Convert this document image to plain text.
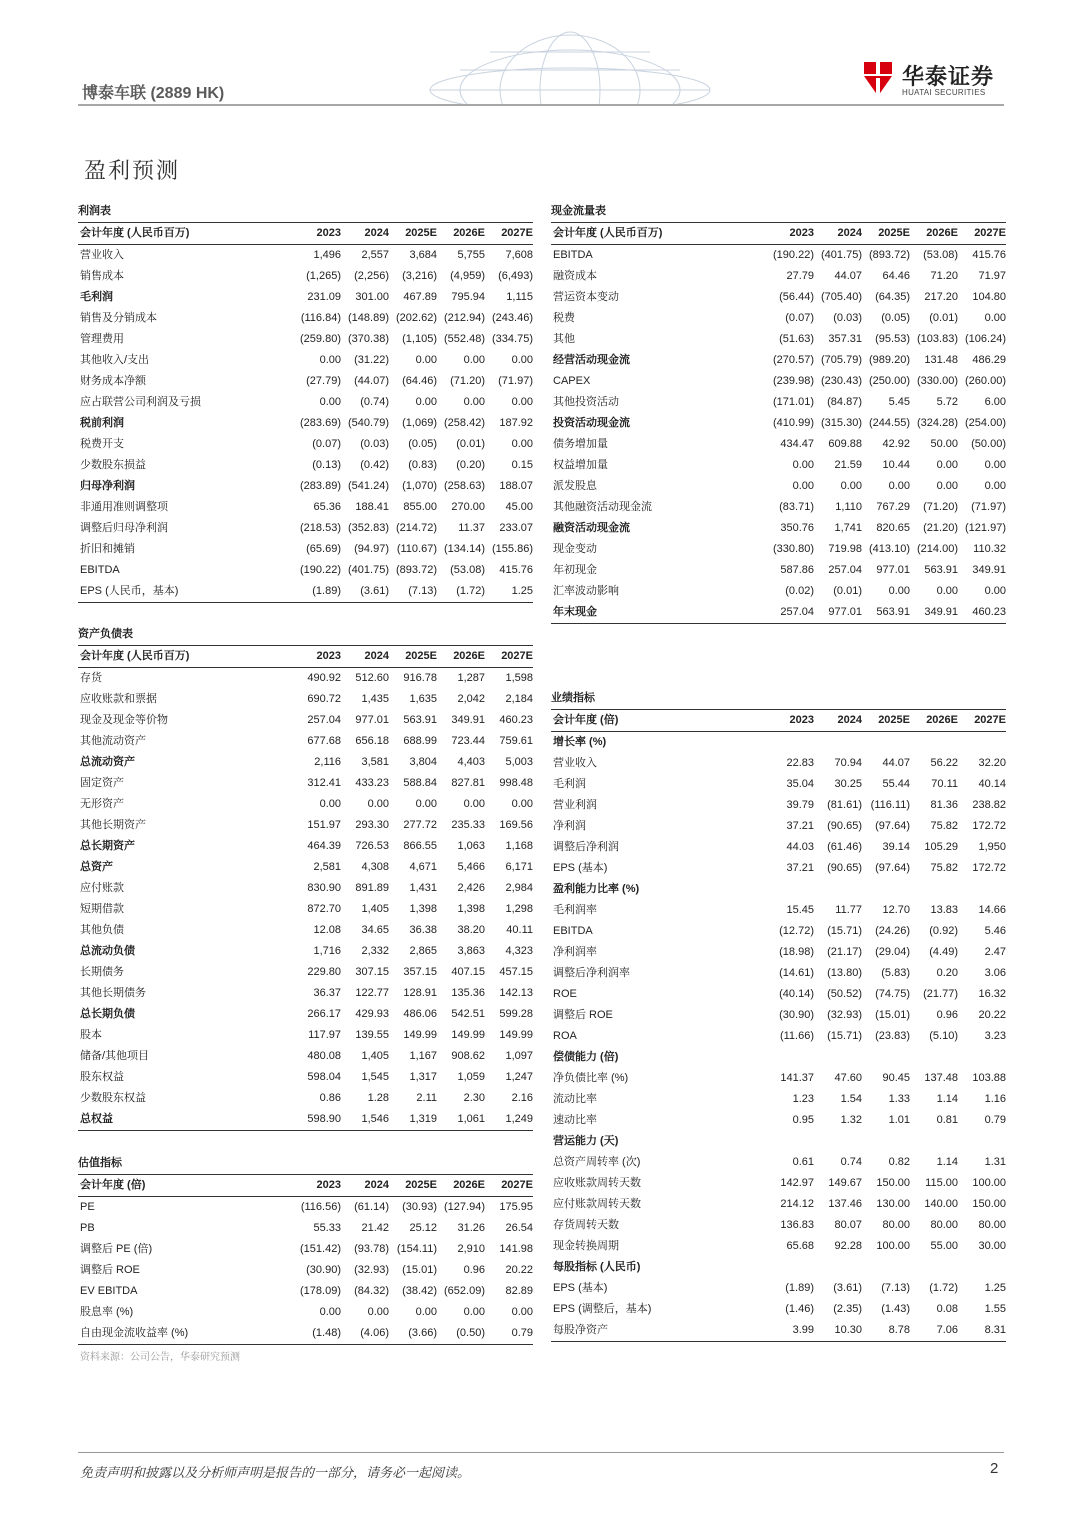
博泰车联 (2889 HK)
华泰证券
HUATAI SECURITIES
盈利预测
利润表
会计年度 (人民币百万)	2023	2024	2025E	2026E	2027E
营业收入	1,496	2,557	3,684	5,755	7,608
销售成本	(1,265)	(2,256)	(3,216)	(4,959)	(6,493)
毛利润	231.09	301.00	467.89	795.94	1,115
销售及分销成本	(116.84) (148.89) (202.62) (212.94) (243.46)
管理费用	(259.80) (370.38)	(1,105) (552.48) (334.75)
其他收入/支出	0.00	(31.22)	0.00	0.00	0.00
财务成本净额	(27.79)	(44.07)	(64.46)	(71.20)	(71.97)
应占联营公司利润及亏损	0.00	(0.74)	0.00	0.00	0.00
税前利润	(283.69) (540.79)	(1,069) (258.42)	187.92
税费开支	(0.07)	(0.03)	(0.05)	(0.01)	0.00
少数股东损益	(0.13)	(0.42)	(0.83)	(0.20)	0.15
归母净利润	(283.89) (541.24)	(1,070) (258.63)	188.07
非通用准则调整项	65.36	188.41	855.00	270.00	45.00
调整后归母净利润	(218.53) (352.83) (214.72)	11.37	233.07
折旧和摊销	(65.69)	(94.97) (110.67) (134.14) (155.86)
EBITDA	(190.22) (401.75) (893.72)	(53.08)	415.76
EPS (人民币，基本)	(1.89)	(3.61)	(7.13)	(1.72)	1.25
资产负债表
会计年度 (人民币百万)	2023	2024	2025E	2026E	2027E
存货	490.92	512.60	916.78	1,287	1,598
应收账款和票据	690.72	1,435	1,635	2,042	2,184
现金及现金等价物	257.04	977.01	563.91	349.91	460.23
其他流动资产	677.68	656.18	688.99	723.44	759.61
总流动资产	2,116	3,581	3,804	4,403	5,003
固定资产	312.41	433.23	588.84	827.81	998.48
无形资产	0.00	0.00	0.00	0.00	0.00
其他长期资产	151.97	293.30	277.72	235.33	169.56
总长期资产	464.39	726.53	866.55	1,063	1,168
总资产	2,581	4,308	4,671	5,466	6,171
应付账款	830.90	891.89	1,431	2,426	2,984
短期借款	872.70	1,405	1,398	1,398	1,298
其他负债	12.08	34.65	36.38	38.20	40.11
总流动负债	1,716	2,332	2,865	3,863	4,323
长期债务	229.80	307.15	357.15	407.15	457.15
其他长期债务	36.37	122.77	128.91	135.36	142.13
总长期负债	266.17	429.93	486.06	542.51	599.28
股本	117.97	139.55	149.99	149.99	149.99
储备/其他项目	480.08	1,405	1,167	908.62	1,097
股东权益	598.04	1,545	1,317	1,059	1,247
少数股东权益	0.86	1.28	2.11	2.30	2.16
总权益	598.90	1,546	1,319	1,061	1,249
估值指标
会计年度 (倍)	2023	2024	2025E	2026E	2027E
PE	(116.56)	(61.14)	(30.93) (127.94)	175.95
PB	55.33	21.42	25.12	31.26	26.54
调整后 PE (倍)	(151.42)	(93.78) (154.11)	2,910	141.98
调整后 ROE	(30.90)	(32.93)	(15.01)	0.96	20.22
EV EBITDA	(178.09)	(84.32)	(38.42) (652.09)	82.89
股息率 (%)	0.00	0.00	0.00	0.00	0.00
自由现金流收益率 (%)	(1.48)	(4.06)	(3.66)	(0.50)	0.79
现金流量表
会计年度 (人民币百万)	2023	2024	2025E	2026E	2027E
EBITDA	(190.22) (401.75) (893.72)	(53.08)	415.76
融资成本	27.79	44.07	64.46	71.20	71.97
营运资本变动	(56.44) (705.40)	(64.35)	217.20	104.80
税费	(0.07)	(0.03)	(0.05)	(0.01)	0.00
其他	(51.63)	357.31	(95.53) (103.83) (106.24)
经营活动现金流	(270.57) (705.79) (989.20)	131.48	486.29
CAPEX	(239.98) (230.43) (250.00) (330.00) (260.00)
其他投资活动	(171.01)	(84.87)	5.45	5.72	6.00
投资活动现金流	(410.99) (315.30) (244.55) (324.28) (254.00)
债务增加量	434.47	609.88	42.92	50.00	(50.00)
权益增加量	0.00	21.59	10.44	0.00	0.00
派发股息	0.00	0.00	0.00	0.00	0.00
其他融资活动现金流	(83.71)	1,110	767.29	(71.20)	(71.97)
融资活动现金流	350.76	1,741	820.65	(21.20) (121.97)
现金变动	(330.80)	719.98 (413.10) (214.00)	110.32
年初现金	587.86	257.04	977.01	563.91	349.91
汇率波动影响	(0.02)	(0.01)	0.00	0.00	0.00
年末现金	257.04	977.01	563.91	349.91	460.23
业绩指标
会计年度 (倍)	2023	2024	2025E	2026E	2027E
增长率 (%)
营业收入	22.83	70.94	44.07	56.22	32.20
毛利润	35.04	30.25	55.44	70.11	40.14
营业利润	39.79	(81.61) (116.11)	81.36	238.82
净利润	37.21	(90.65)	(97.64)	75.82	172.72
调整后净利润	44.03	(61.46)	39.14	105.29	1,950
EPS (基本)	37.21	(90.65)	(97.64)	75.82	172.72
盈利能力比率 (%)
毛利润率	15.45	11.77	12.70	13.83	14.66
EBITDA	(12.72)	(15.71)	(24.26)	(0.92)	5.46
净利润率	(18.98)	(21.17)	(29.04)	(4.49)	2.47
调整后净利润率	(14.61)	(13.80)	(5.83)	0.20	3.06
ROE	(40.14)	(50.52)	(74.75)	(21.77)	16.32
调整后 ROE	(30.90)	(32.93)	(15.01)	0.96	20.22
ROA	(11.66)	(15.71)	(23.83)	(5.10)	3.23
偿债能力 (倍)
净负债比率 (%)	141.37	47.60	90.45	137.48	103.88
流动比率	1.23	1.54	1.33	1.14	1.16
速动比率	0.95	1.32	1.01	0.81	0.79
营运能力 (天)
总资产周转率 (次)	0.61	0.74	0.82	1.14	1.31
应收账款周转天数	142.97	149.67	150.00	115.00	100.00
应付账款周转天数	214.12	137.46	130.00	140.00	150.00
存货周转天数	136.83	80.07	80.00	80.00	80.00
现金转换周期	65.68	92.28	100.00	55.00	30.00
每股指标 (人民币)
EPS (基本)	(1.89)	(3.61)	(7.13)	(1.72)	1.25
EPS (调整后，基本)	(1.46)	(2.35)	(1.43)	0.08	1.55
每股净资产	3.99	10.30	8.78	7.06	8.31
资料来源：公司公告，华泰研究预测
免责声明和披露以及分析师声明是报告的一部分，请务必一起阅读。	2
